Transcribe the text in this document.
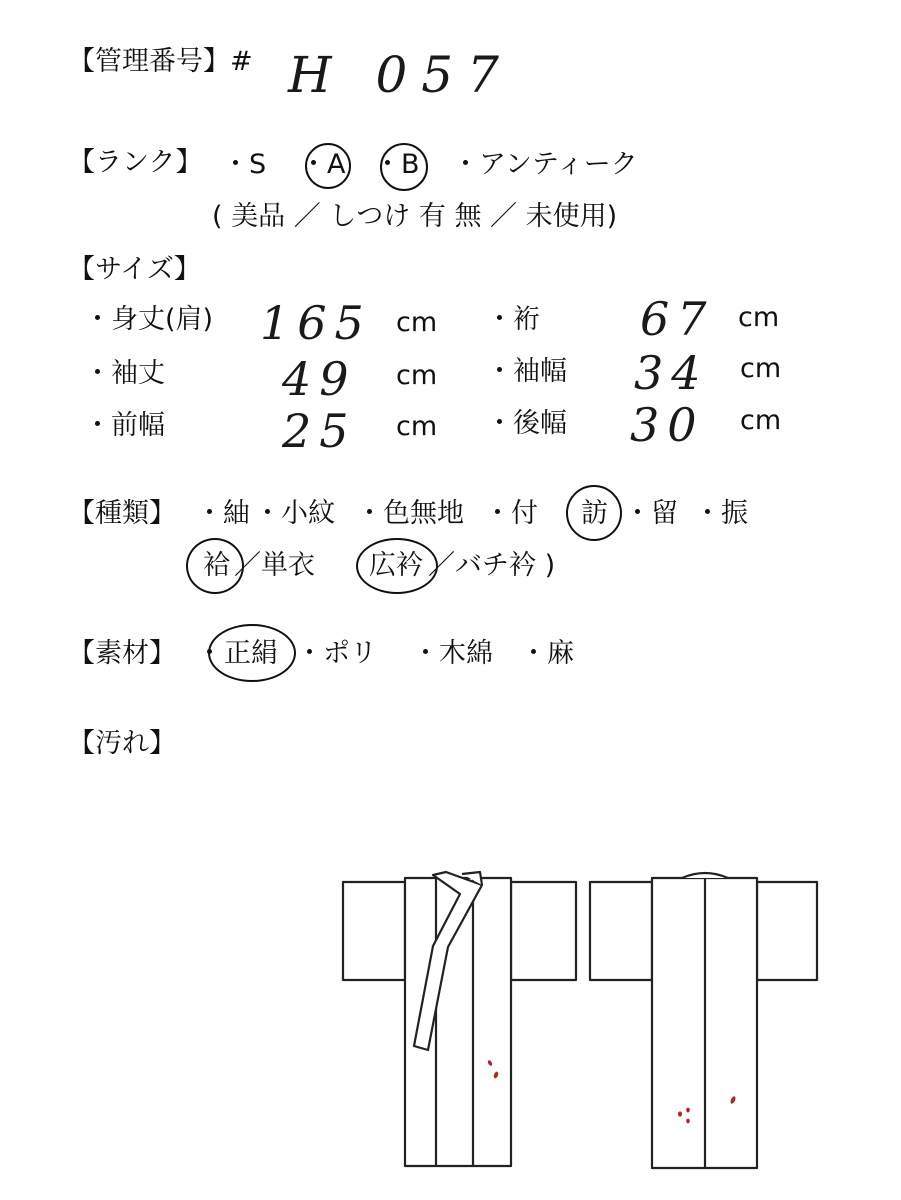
【管理番号】# H 057
【ランク】 ・S ・A ・B ・アンティーク
( 美品 ／ しつけ 有 無 ／ 未使用)
【サイズ】
・身丈(肩) 165 cm ・裄 67 cm
・袖丈	49 cm ・袖幅 34 cm
・前幅	25 cm ・後幅 30 cm
【種類】 ・紬 ・小紋 ・色無地 ・付 訪 ・留 ・振
袷 ／単衣 広衿 ／バチ衿 )
【素材】 ・ 正絹 ・ポリ ・木綿 ・麻
【汚れ】
